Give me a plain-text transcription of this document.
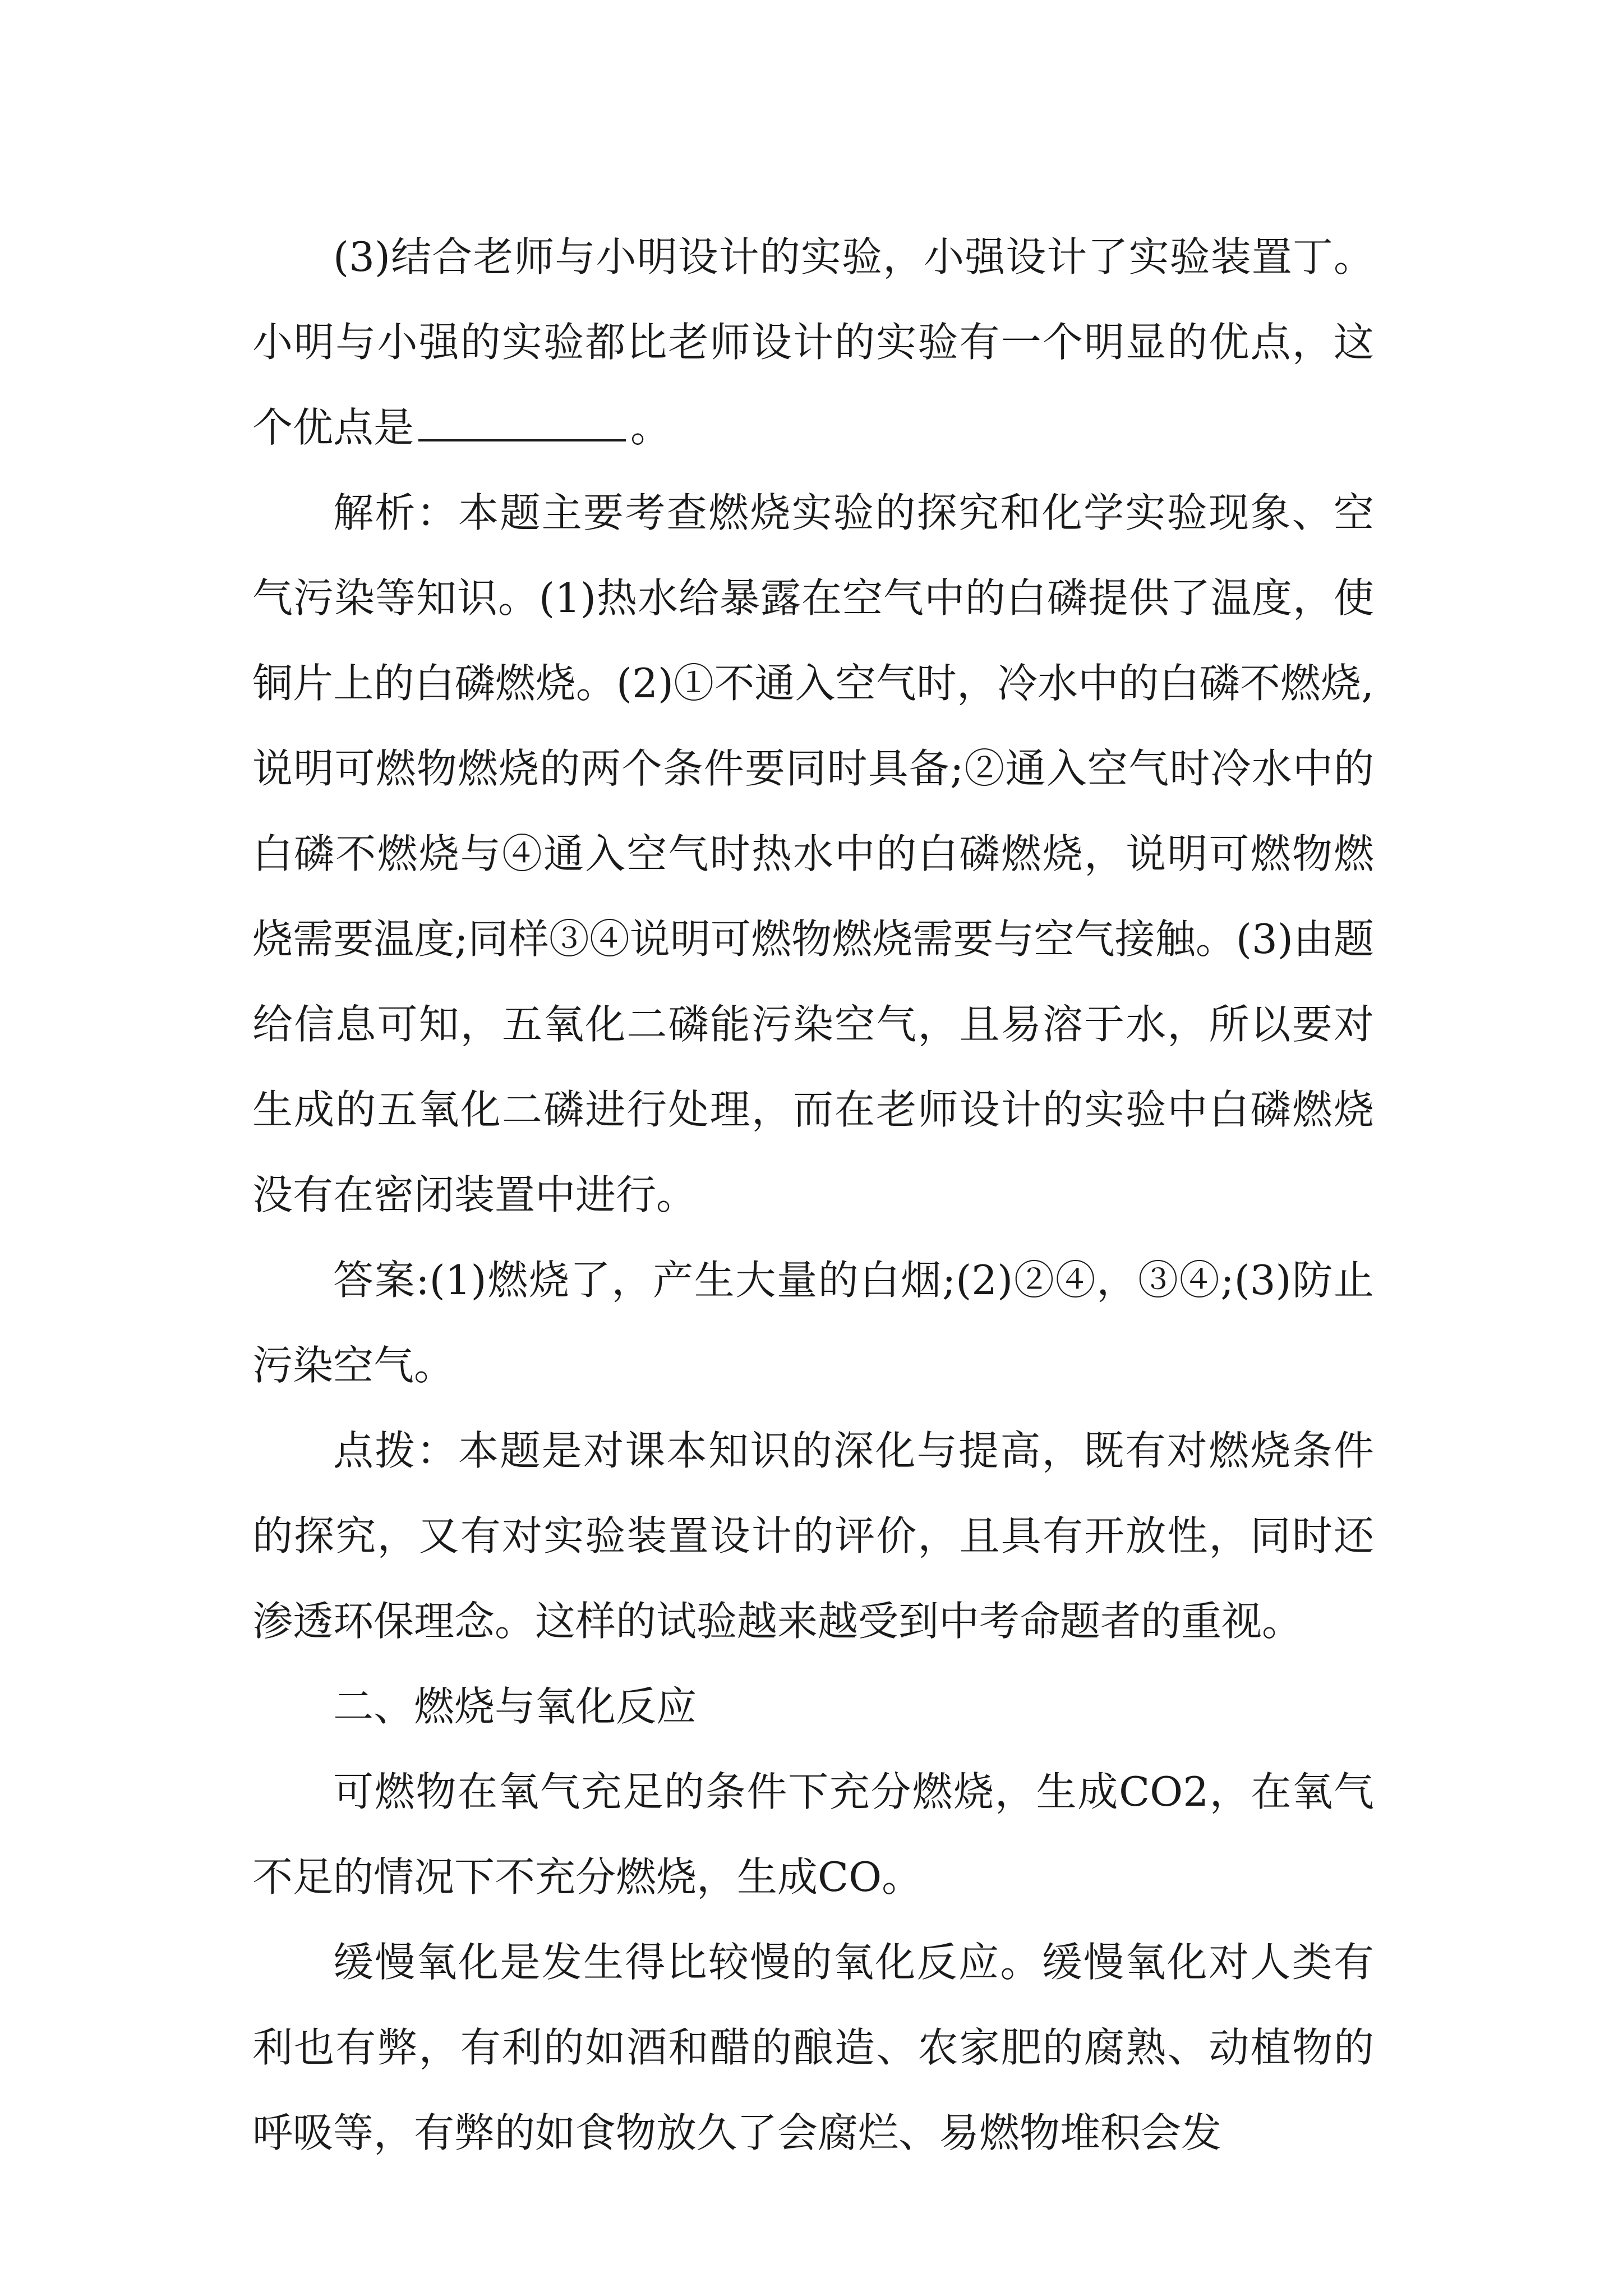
(3)结合老师与小明设计的实验，小强设计了实验装置丁。小明与小强的实验都比老师设计的实验有一个明显的优点，这个优点是	。

解析：本题主要考查燃烧实验的探究和化学实验现象、空气污染等知识。(1)热水给暴露在空气中的白磷提供了温度，使铜片上的白磷燃烧。(2)①不通入空气时，冷水中的白磷不燃烧,说明可燃物燃烧的两个条件要同时具备;②通入空气时冷水中的白磷不燃烧与④通入空气时热水中的白磷燃烧，说明可燃物燃烧需要温度;同样③④说明可燃物燃烧需要与空气接触。(3)由题给信息可知，五氧化二磷能污染空气，且易溶于水，所以要对生成的五氧化二磷进行处理，而在老师设计的实验中白磷燃烧没有在密闭装置中进行。

答案:(1)燃烧了，产生大量的白烟;(2)②④，③④;(3)防止污染空气。

点拨：本题是对课本知识的深化与提高，既有对燃烧条件的探究，又有对实验装置设计的评价，且具有开放性，同时还渗透环保理念。这样的试验越来越受到中考命题者的重视。

二、燃烧与氧化反应

可燃物在氧气充足的条件下充分燃烧，生成CO2，在氧气不足的情况下不充分燃烧，生成CO。

缓慢氧化是发生得比较慢的氧化反应。缓慢氧化对人类有利也有弊，有利的如酒和醋的酿造、农家肥的腐熟、动植物的呼吸等，有弊的如食物放久了会腐烂、易燃物堆积会发
